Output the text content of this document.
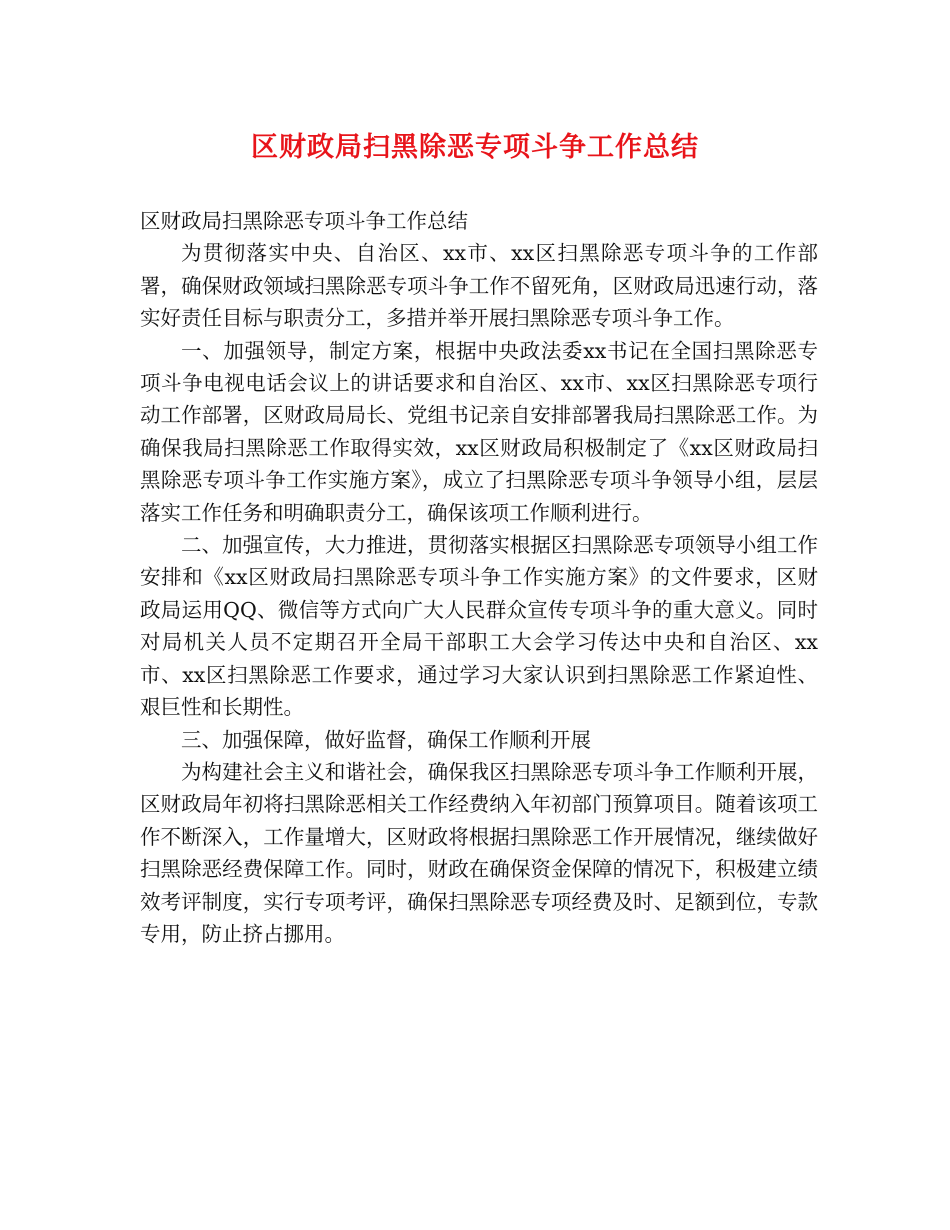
区财政局扫黑除恶专项斗争工作总结

区财政局扫黑除恶专项斗争工作总结

为贯彻落实中央、自治区、xx市、xx区扫黑除恶专项斗争的工作部署，确保财政领域扫黑除恶专项斗争工作不留死角，区财政局迅速行动，落实好责任目标与职责分工，多措并举开展扫黑除恶专项斗争工作。

一、加强领导，制定方案，根据中央政法委xx书记在全国扫黑除恶专项斗争电视电话会议上的讲话要求和自治区、xx市、xx区扫黑除恶专项行动工作部署，区财政局局长、党组书记亲自安排部署我局扫黑除恶工作。为确保我局扫黑除恶工作取得实效，xx区财政局积极制定了《xx区财政局扫黑除恶专项斗争工作实施方案》，成立了扫黑除恶专项斗争领导小组，层层落实工作任务和明确职责分工，确保该项工作顺利进行。

二、加强宣传，大力推进，贯彻落实根据区扫黑除恶专项领导小组工作安排和《xx区财政局扫黑除恶专项斗争工作实施方案》的文件要求，区财政局运用QQ、微信等方式向广大人民群众宣传专项斗争的重大意义。同时对局机关人员不定期召开全局干部职工大会学习传达中央和自治区、xx市、xx区扫黑除恶工作要求，通过学习大家认识到扫黑除恶工作紧迫性、艰巨性和长期性。

三、加强保障，做好监督，确保工作顺利开展

为构建社会主义和谐社会，确保我区扫黑除恶专项斗争工作顺利开展，区财政局年初将扫黑除恶相关工作经费纳入年初部门预算项目。随着该项工作不断深入，工作量增大，区财政将根据扫黑除恶工作开展情况，继续做好扫黑除恶经费保障工作。同时，财政在确保资金保障的情况下，积极建立绩效考评制度，实行专项考评，确保扫黑除恶专项经费及时、足额到位，专款专用，防止挤占挪用。
